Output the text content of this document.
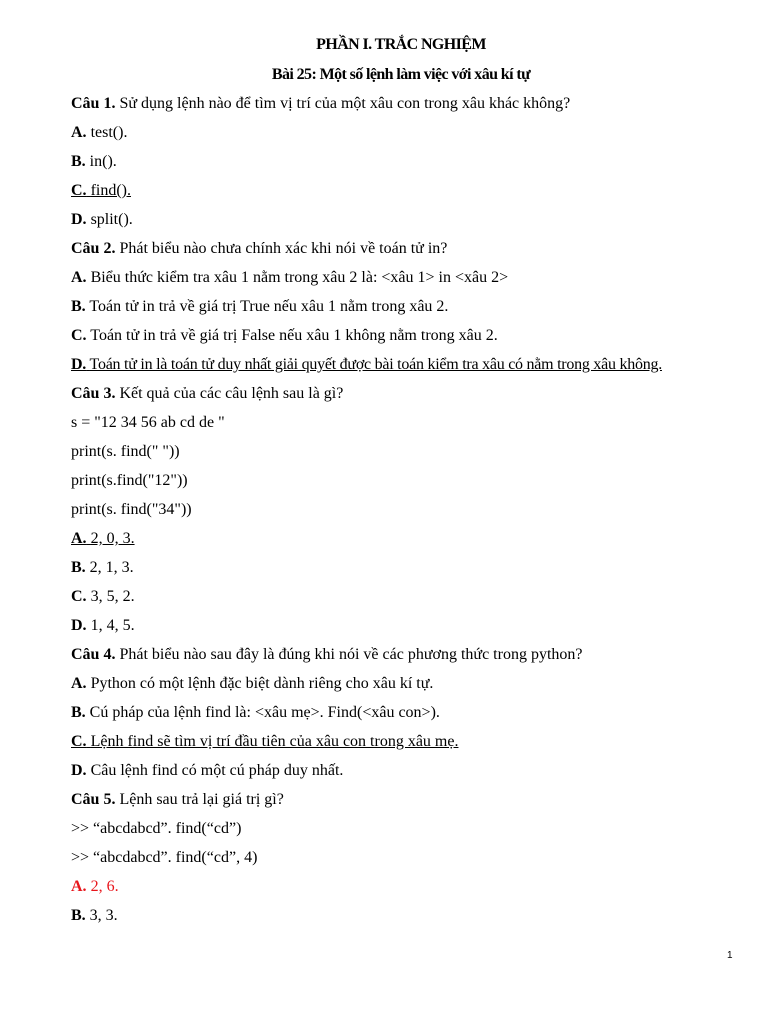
PHẦN I. TRẮC NGHIỆM
Bài 25: Một số lệnh làm việc với xâu kí tự
Câu 1. Sử dụng lệnh nào để tìm vị trí của một xâu con trong xâu khác không?
A. test().
B. in().
C. find().
D. split().
Câu 2. Phát biểu nào chưa chính xác khi nói về toán tử in?
A. Biểu thức kiểm tra xâu 1 nằm trong xâu 2 là: <xâu 1> in <xâu 2>
B. Toán tử in trả về giá trị True nếu xâu 1 nằm trong xâu 2.
C. Toán tử in trả về giá trị False nếu xâu 1 không nằm trong xâu 2.
D. Toán tử in là toán tử duy nhất giải quyết được bài toán kiểm tra xâu có nằm trong xâu không.
Câu 3. Kết quả của các câu lệnh sau là gì?
s = "12 34 56 ab cd de "
print(s. find(" "))
print(s.find("12"))
print(s. find("34"))
A. 2, 0, 3.
B. 2, 1, 3.
C. 3, 5, 2.
D. 1, 4, 5.
Câu 4. Phát biểu nào sau đây là đúng khi nói về các phương thức trong python?
A. Python có một lệnh đặc biệt dành riêng cho xâu kí tự.
B. Cú pháp của lệnh find là: <xâu mẹ>. Find(<xâu con>).
C. Lệnh find sẽ tìm vị trí đầu tiên của xâu con trong xâu mẹ.
D. Câu lệnh find có một cú pháp duy nhất.
Câu 5. Lệnh sau trả lại giá trị gì?
>> “abcdabcd”. find(“cd”)
>> “abcdabcd”. find(“cd”, 4)
A. 2, 6.
B. 3, 3.
1
